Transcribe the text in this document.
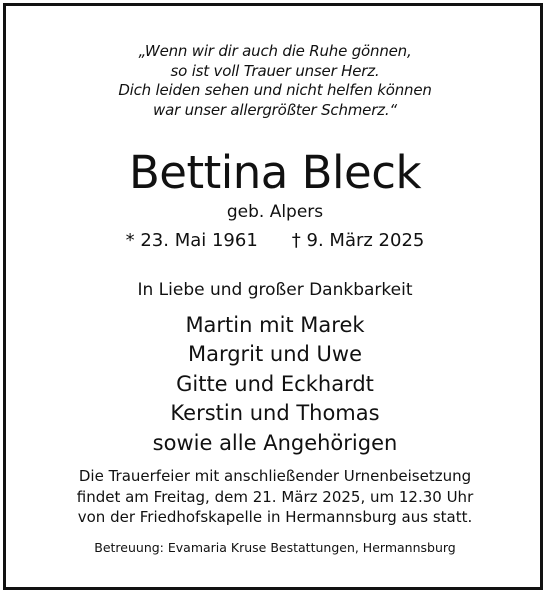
„Wenn wir dir auch die Ruhe gönnen,
so ist voll Trauer unser Herz.
Dich leiden sehen und nicht helfen können
war unser allergrößter Schmerz.“
Bettina Bleck
geb. Alpers
* 23. Mai 1961 † 9. März 2025
In Liebe und großer Dankbarkeit
Martin mit Marek
Margrit und Uwe
Gitte und Eckhardt
Kerstin und Thomas
sowie alle Angehörigen
Die Trauerfeier mit anschließender Urnenbeisetzung
findet am Freitag, dem 21. März 2025, um 12.30 Uhr
von der Friedhofskapelle in Hermannsburg aus statt.
Betreuung: Evamaria Kruse Bestattungen, Hermannsburg
